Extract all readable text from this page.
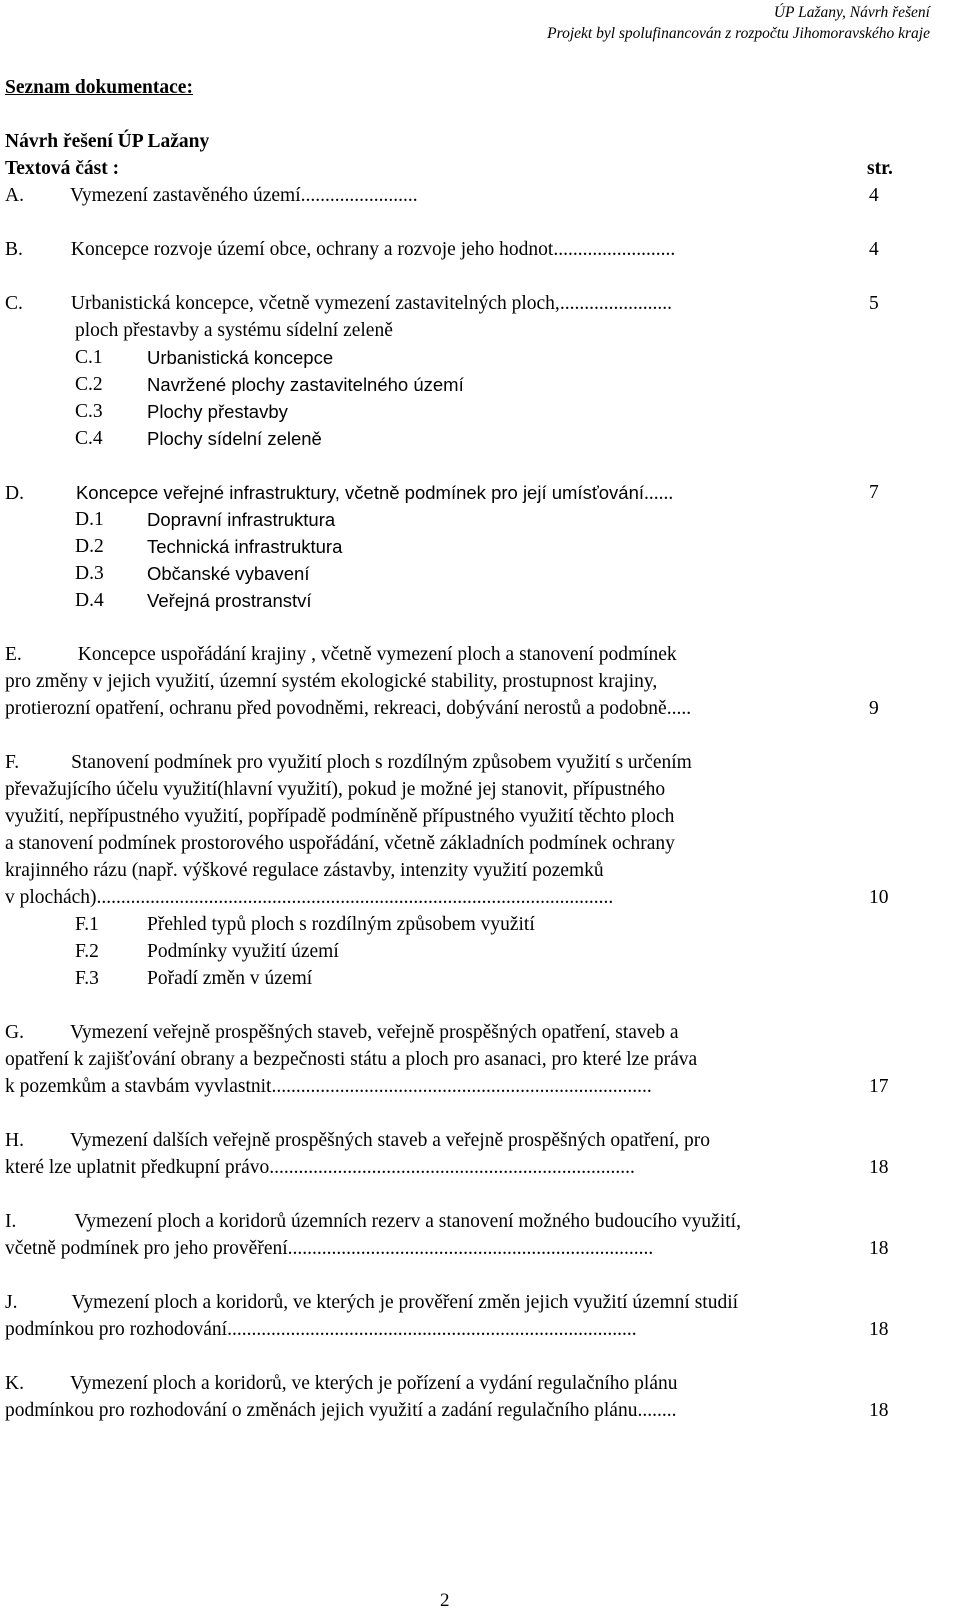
ÚP Lažany, Návrh řešení
Projekt byl spolufinancován z rozpočtu Jihomoravského kraje
Seznam dokumentace:
Návrh řešení ÚP Lažany
Textová část :	str.
A. Vymezení zastavěného území........................	4
B. Koncepce rozvoje území obce, ochrany a rozvoje jeho hodnot.........................	4
C. Urbanistická koncepce, včetně vymezení zastavitelných ploch,.......................	5
ploch přestavby a systému sídelní zeleně
C.1 Urbanistická koncepce
C.2 Navržené plochy zastavitelného území
C.3 Plochy přestavby
C.4 Plochy sídelní zeleně
D.	Koncepce veřejné infrastruktury, včetně podmínek pro její umísťování......	7
D.1 Dopravní infrastruktura
D.2 Technická infrastruktura
D.3 Občanské vybavení
D.4 Veřejná prostranství
E.	Koncepce uspořádání krajiny , včetně vymezení ploch a stanovení podmínek
pro změny v jejich využití, územní systém ekologické stability, prostupnost krajiny,
protierozní opatření, ochranu před povodněmi, rekreaci, dobývání nerostů a podobně.....	9
F.	Stanovení podmínek pro využití ploch s rozdílným způsobem využití s určením
převažujícího účelu využití(hlavní využití), pokud je možné jej stanovit, přípustného
využití, nepřípustného využití, popřípadě podmíněně přípustného využití těchto ploch
a stanovení podmínek prostorového uspořádání, včetně základních podmínek ochrany
krajinného rázu (např. výškové regulace zástavby, intenzity využití pozemků
v plochách)..........................................................................................................	10
F.1 Přehled typů ploch s rozdílným způsobem využití
F.2 Podmínky využití území
F.3 Pořadí změn v území
G. Vymezení veřejně prospěšných staveb, veřejně prospěšných opatření, staveb a
opatření k zajišťování obrany a bezpečnosti státu a ploch pro asanaci, pro které lze práva
k pozemkům a stavbám vyvlastnit..............................................................................	17
H. Vymezení dalších veřejně prospěšných staveb a veřejně prospěšných opatření, pro
které lze uplatnit předkupní právo...........................................................................	18
I.	Vymezení ploch a koridorů územních rezerv a stanovení možného budoucího využití,
včetně podmínek pro jeho prověření...........................................................................	18
J.	Vymezení ploch a koridorů, ve kterých je prověření změn jejich využití územní studií
podmínkou pro rozhodování....................................................................................	18
K. Vymezení ploch a koridorů, ve kterých je pořízení a vydání regulačního plánu
podmínkou pro rozhodování o změnách jejich využití a zadání regulačního plánu........	18
2
